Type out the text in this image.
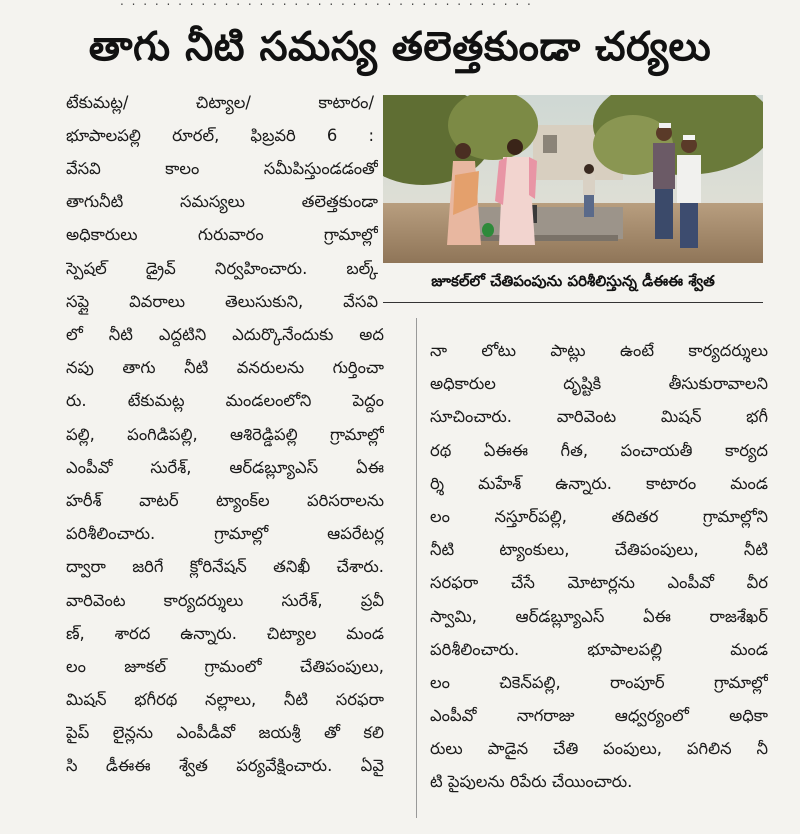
. . . . . . . . . . . . . . . . . . . . . . . . . . . . . . . . . . . .
తాగు నీటి సమస్య తలెత్తకుండా చర్యలు
టేకుమట్ల/ చిట్యాల/ కాటారం/
భూపాలపల్లి రూరల్‌, ఫిబ్రవరి 6 :
వేసవి కాలం సమీపిస్తుండడంతో
తాగునీటి సమస్యలు తలెత్తకుండా
అధికారులు గురువారం గ్రామాల్లో
స్పెషల్‌ డ్రైవ్‌ నిర్వహించారు. బల్క్‌
సప్లై వివరాలు తెలుసుకుని, వేసవి
లో నీటి ఎద్దటిని ఎదుర్కొనేందుకు అద
నపు తాగు నీటి వనరులను గుర్తించా
రు. టేకుమట్ల మండలంలోని పెద్దం
పల్లి, పంగిడిపల్లి, ఆశిరెడ్డిపల్లి గ్రామాల్లో
ఎంపీవో సురేశ్‌, ఆర్‌డబ్ల్యూఎస్‌ ఏఈ
హరీశ్‌ వాటర్‌ ట్యాంక్‌ల పరిసరాలను
పరిశీలించారు. గ్రామాల్లో ఆపరేటర్ల
ద్వారా జరిగే క్లోరినేషన్‌ తనిఖీ చేశారు.
వారివెంట కార్యదర్శులు సురేశ్‌, ప్రవీ
ణ్‌, శారద ఉన్నారు. చిట్యాల మండ
లం జూకల్‌ గ్రామంలో చేతిపంపులు,
మిషన్‌ భగీరథ నల్లాలు, నీటి సరఫరా
పైప్‌ లైన్లను ఎంపీడీవో జయశ్రీ తో కలి
సి డీఈఈ శ్వేత పర్యవేక్షించారు. ఏవై
నా లోటు పాట్లు ఉంటే కార్యదర్శులు
అధికారుల దృష్టికి తీసుకురావాలని
సూచించారు. వారివెంట మిషన్‌ భగీ
రథ ఏఈఈ గీత, పంచాయతీ కార్యద
ర్శి మహేశ్‌ ఉన్నారు. కాటారం మండ
లం నస్తూర్‌పల్లి, తదితర గ్రామాల్లోని
నీటి ట్యాంకులు, చేతిపంపులు, నీటి
సరఫరా చేసే మోటార్లను ఎంపీవో వీర
స్వామి, ఆర్‌డబ్ల్యూఎస్‌ ఏఈ రాజశేఖర్‌
పరిశీలించారు. భూపాలపల్లి మండ
లం చికెన్‌పల్లి, రాంపూర్‌ గ్రామాల్లో
ఎంపీవో నాగరాజు ఆధ్వర్యంలో అధికా
రులు పాడైన చేతి పంపులు, పగిలిన నీ
టి పైపులను రిపేరు చేయించారు.
జూకల్‌లో చేతిపంపును పరిశీలిస్తున్న డీఈఈ శ్వేత
